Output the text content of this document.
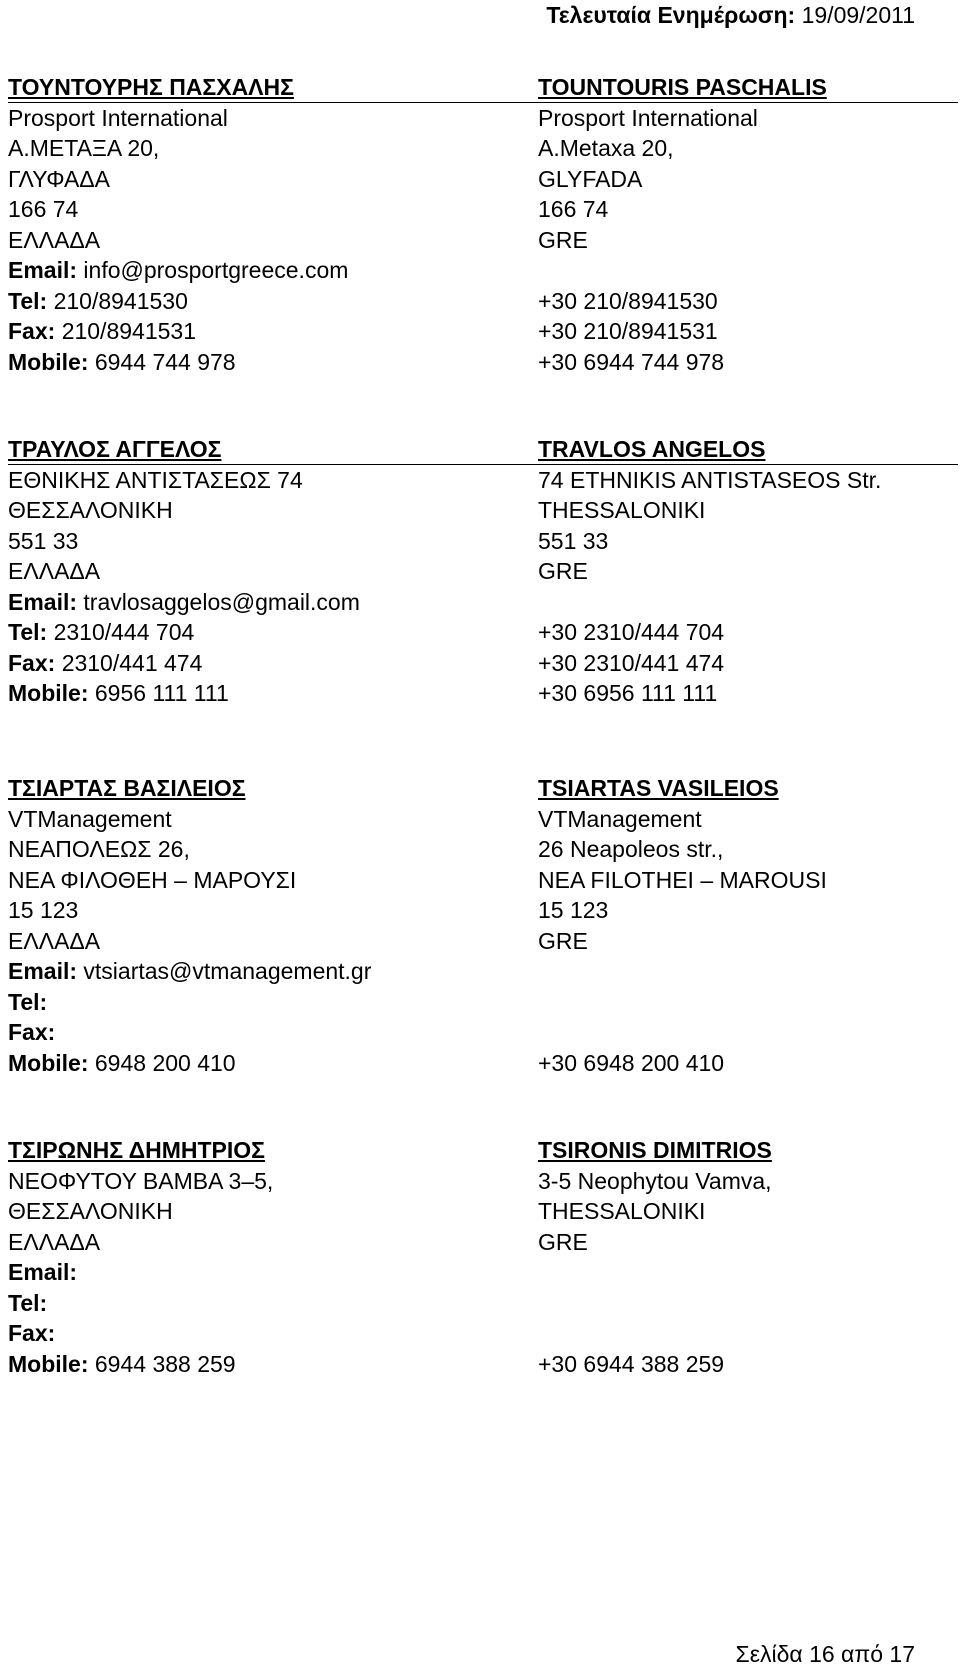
Τελευταία Ενημέρωση: 19/09/2011
ΤΟΥΝΤΟΥΡΗΣ ΠΑΣΧΑΛΗΣ	TOUNTOURIS PASCHALIS
Prosport International	Prosport International
Α.ΜΕΤΑΞΑ 20,	A.Metaxa 20,
ΓΛΥΦΑΔΑ	GLYFADA
166 74	166 74
ΕΛΛΑΔΑ	GRE
Email: info@prosportgreece.com
Tel: 210/8941530	+30 210/8941530
Fax: 210/8941531	+30 210/8941531
Mobile: 6944 744 978	+30 6944 744 978
ΤΡΑΥΛΟΣ ΑΓΓΕΛΟΣ	TRAVLOS ANGELOS
ΕΘΝΙΚΗΣ ΑΝΤΙΣΤΑΣΕΩΣ 74	74 ETHNIKIS ANTISTASEOS Str.
ΘΕΣΣΑΛΟΝΙΚΗ	THESSALONIKI
551 33	551 33
ΕΛΛΑΔΑ	GRE
Email: travlosaggelos@gmail.com
Tel: 2310/444 704	+30 2310/444 704
Fax: 2310/441 474	+30 2310/441 474
Mobile: 6956 111 111	+30 6956 111 111
ΤΣΙΑΡΤΑΣ ΒΑΣΙΛΕΙΟΣ	TSIARTAS VASILEIOS
VTManagement	VTManagement
ΝΕΑΠΟΛΕΩΣ 26,	26 Neapoleos str.,
ΝΕΑ ΦΙΛΟΘΕΗ – ΜΑΡΟΥΣΙ	NEA FILOTHEI – MAROUSI
15 123	15 123
ΕΛΛΑΔΑ	GRE
Email: vtsiartas@vtmanagement.gr
Tel:
Fax:
Mobile: 6948 200 410	+30 6948 200 410
ΤΣΙΡΩΝΗΣ ΔΗΜΗΤΡΙΟΣ	TSIRONIS DIMITRIOS
ΝΕΟΦΥΤΟΥ ΒΑΜΒΑ 3–5,	3-5 Neophytou Vamva,
ΘΕΣΣΑΛΟΝΙΚΗ	THESSALONIKI
ΕΛΛΑΔΑ	GRE
Email:
Tel:
Fax:
Mobile: 6944 388 259	+30 6944 388 259
Σελίδα 16 από 17
